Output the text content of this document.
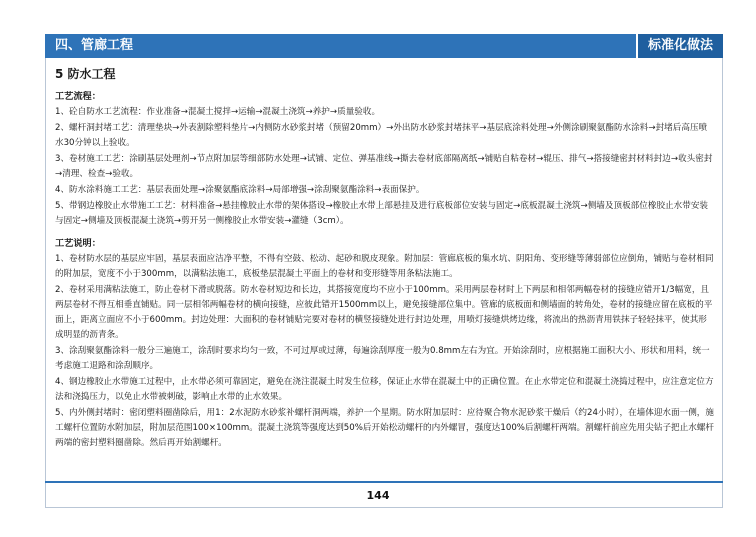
四、管廊工程	标准化做法
5 防水工程
工艺流程：

1、砼自防水工艺流程：作业准备→混凝土搅拌→运输→混凝土浇筑→养护→质量验收。

2、螺杆洞封堵工艺：清理垫块→外表割除塑料垫片→内侧防水砂浆封堵（预留20mm）→外出防水砂浆封堵抹平→基层底涂料处理→外侧涂刷聚氨酯防水涂料→封堵后高压喷水30分钟以上验收。

3、卷材施工工艺：涂刷基层处理剂→节点附加层等细部防水处理→试铺、定位、弹基准线→撕去卷材底部隔离纸→铺贴自粘卷材→辊压、排气→搭接缝密封材料封边→收头密封→清理、检查→验收。

4、防水涂料施工工艺：基层表面处理→涂聚氨酯底涂料→局部增强→涂刮聚氨酯涂料→表面保护。

5、带钢边橡胶止水带施工工艺：材料准备→悬挂橡胶止水带的架体搭设→橡胶止水带上部悬挂及进行底板部位安装与固定→底板混凝土浇筑→侧墙及顶板部位橡胶止水带安装与固定→侧墙及顶板混凝土浇筑→剪开另一侧橡胶止水带安装→灌缝（3cm）。

工艺说明：

1、卷材防水层的基层应牢固，基层表面应洁净平整，不得有空鼓、松动、起砂和脱皮现象。附加层：管廊底板的集水坑、阴阳角、变形缝等薄弱部位应倒角，铺贴与卷材相同的附加层，宽度不小于300mm，以满粘法施工，底板垫层混凝土平面上的卷材和变形缝等用条粘法施工。

2、卷材采用满粘法施工，防止卷材下滑或脱落。防水卷材短边和长边，其搭接宽度均不应小于100mm。采用两层卷材时上下两层和相邻两幅卷材的接缝应错开1/3幅宽，且两层卷材不得互相垂直铺贴。同一层相邻两幅卷材的横向接缝，应彼此错开1500mm以上，避免接缝部位集中。管廊的底板面和侧墙面的转角处，卷材的接缝应留在底板的平面上，距离立面应不小于600mm。封边处理：大面积的卷材铺贴完要对卷材的横竖接缝处进行封边处理，用喷灯接缝烘烤边缘，将流出的热沥青用铁抹子轻轻抹平，使其形成明显的沥青条。

3、涂刮聚氨酯涂料一般分三遍施工，涂刮时要求均匀一致，不可过厚或过薄，每遍涂刮厚度一般为0.8mm左右为宜。开始涂刮时，应根据施工面积大小、形状和用料，统一考虑施工退路和涂刮顺序。

4、钢边橡胶止水带施工过程中，止水带必须可靠固定，避免在浇注混凝土时发生位移，保证止水带在混凝土中的正确位置。在止水带定位和混凝土浇捣过程中，应注意定位方法和浇捣压力，以免止水带被刺破，影响止水带的止水效果。

5、内外侧封堵时：密闭塑料圈凿除后，用1：2水泥防水砂浆补螺杆洞两端，养护一个星期。防水附加层时：应待聚合物水泥砂浆干燥后（约24小时），在墙体迎水面一侧，施工螺杆位置防水附加层，附加层范围100×100mm。混凝土浇筑等强度达到50%后开始松动螺杆的内外螺冒，强度达100%后割螺杆两端。割螺杆前应先用尖钻子把止水螺杆两端的密封塑料圈凿除。然后再开始割螺杆。

144
